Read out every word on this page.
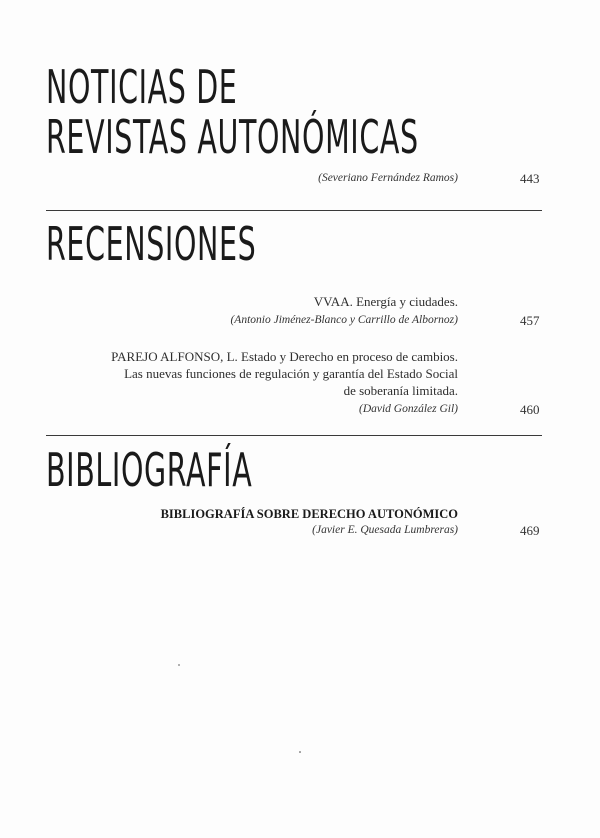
NOTICIAS DE
REVISTAS AUTONÓMICAS
(Severiano Fernández Ramos)	443
RECENSIONES
VVAA. Energía y ciudades.
(Antonio Jiménez-Blanco y Carrillo de Albornoz)	457
PAREJO ALFONSO, L. Estado y Derecho en proceso de cambios.
Las nuevas funciones de regulación y garantía del Estado Social
de soberanía limitada.
(David González Gil)	460
BIBLIOGRAFÍA
BIBLIOGRAFÍA SOBRE DERECHO AUTONÓMICO
(Javier E. Quesada Lumbreras)	469
